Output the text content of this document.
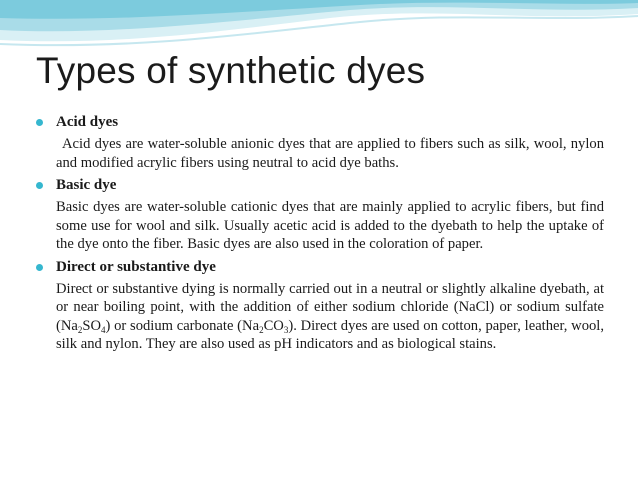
Types of synthetic dyes
Acid dyes
Acid dyes are water-soluble anionic dyes that are applied to fibers such as silk, wool, nylon and modified acrylic fibers using neutral to acid dye baths.
Basic dye
Basic dyes are water-soluble cationic dyes that are mainly applied to acrylic fibers, but find some use for wool and silk. Usually acetic acid is added to the dyebath to help the uptake of the dye onto the fiber. Basic dyes are also used in the coloration of paper.
Direct or substantive dye
Direct or substantive dying is normally carried out in a neutral or slightly alkaline dyebath, at or near boiling point, with the addition of either sodium chloride (NaCl) or sodium sulfate $(Na_2SO_4)$ or sodium carbonate $(Na_2CO_3)$. Direct dyes are used on cotton, paper, leather, wool, silk and nylon. They are also used as pH indicators and as biological stains.
